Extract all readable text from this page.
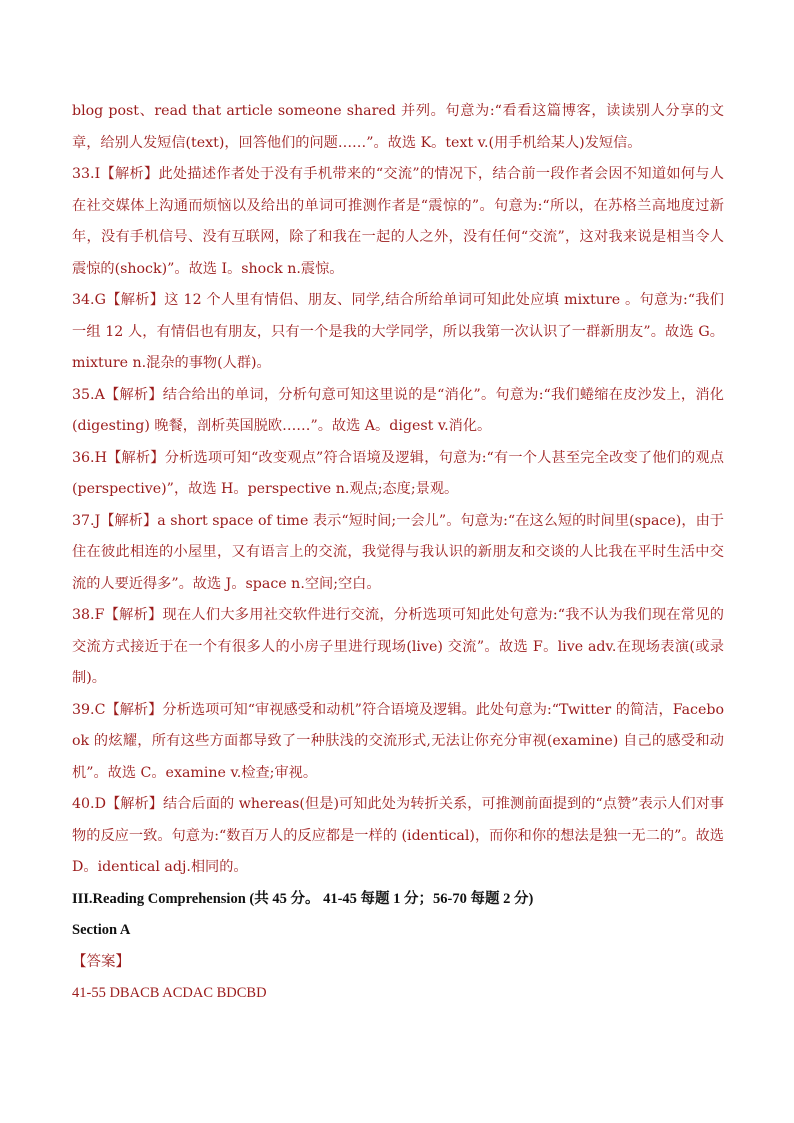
blog post、read that article someone shared 并列。句意为:“看看这篇博客，读读别人分享的文章，给别人发短信(text)，回答他们的问题……”。故选 K。text v.(用手机给某人)发短信。

33.I【解析】此处描述作者处于没有手机带来的“交流”的情况下，结合前一段作者会因不知道如何与人在社交媒体上沟通而烦恼以及给出的单词可推测作者是“震惊的”。句意为:“所以，在苏格兰高地度过新年，没有手机信号、没有互联网，除了和我在一起的人之外，没有任何“交流”，这对我来说是相当令人震惊的(shock)”。故选 I。shock n.震惊。

34.G【解析】这 12 个人里有情侣、朋友、同学,结合所给单词可知此处应填 mixture 。句意为:“我们一组 12 人，有情侣也有朋友，只有一个是我的大学同学，所以我第一次认识了一群新朋友”。故选 G。mixture n.混杂的事物(人群)。

35.A【解析】结合给出的单词，分析句意可知这里说的是“消化”。句意为:“我们蜷缩在皮沙发上，消化(digesting) 晚餐，剖析英国脱欧……”。故选 A。digest v.消化。

36.H【解析】分析选项可知“改变观点”符合语境及逻辑，句意为:“有一个人甚至完全改变了他们的观点(perspective)”，故选 H。perspective n.观点;态度;景观。

37.J【解析】a short space of time 表示“短时间;一会儿”。句意为:“在这么短的时间里(space)，由于住在彼此相连的小屋里，又有语言上的交流，我觉得与我认识的新朋友和交谈的人比我在平时生活中交流的人要近得多”。故选 J。space n.空间;空白。

38.F【解析】现在人们大多用社交软件进行交流，分析选项可知此处句意为:“我不认为我们现在常见的交流方式接近于在一个有很多人的小房子里进行现场(live) 交流”。故选 F。live adv.在现场表演(或录制)。

39.C【解析】分析选项可知“审视感受和动机”符合语境及逻辑。此处句意为:“Twitter 的简洁，Facebook 的炫耀，所有这些方面都导致了一种肤浅的交流形式,无法让你充分审视(examine) 自己的感受和动机”。故选 C。examine v.检查;审视。

40.D【解析】结合后面的 whereas(但是)可知此处为转折关系，可推测前面提到的“点赞”表示人们对事物的反应一致。句意为:“数百万人的反应都是一样的 (identical)，而你和你的想法是独一无二的”。故选 D。identical adj.相同的。

III.Reading Comprehension (共 45 分。 41-45 每题 1 分；56-70 每题 2 分)

Section A

【答案】

41-55 DBACB ACDAC BDCBD
